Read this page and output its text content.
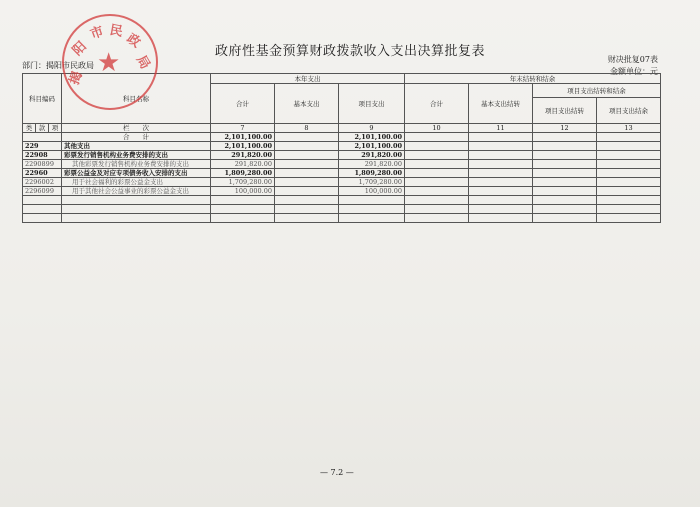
政府性基金预算财政拨款收入支出决算批复表
部门：揭阳市民政局
财决批复07表
金额单位：元
科目编码			科目名称	本年支出			年末结转和结余			
				合计	基本支出	项目支出	合计	基本支出结转	项目支出结转和结余	
									项目支出结转	项目支出结余
类	款	项	栏　　次	7	8	9	10	11	12	13
			合　　计	2,101,100.00		2,101,100.00				
229			其他支出	2,101,100.00		2,101,100.00				
22908			彩票发行销售机构业务费安排的支出	291,820.00		291,820.00				
2290899			其他彩票发行销售机构业务费安排的支出	291,820.00		291,820.00				
22960			彩票公益金及对应专项债务收入安排的支出	1,809,280.00		1,809,280.00				
2296002			用于社会福利的彩票公益金支出	1,709,280.00		1,709,280.00				
2296099			用于其他社会公益事业的彩票公益金支出	100,000.00		100,000.00				

揭
阳
市 民 政
局
★
— 7.2 —
